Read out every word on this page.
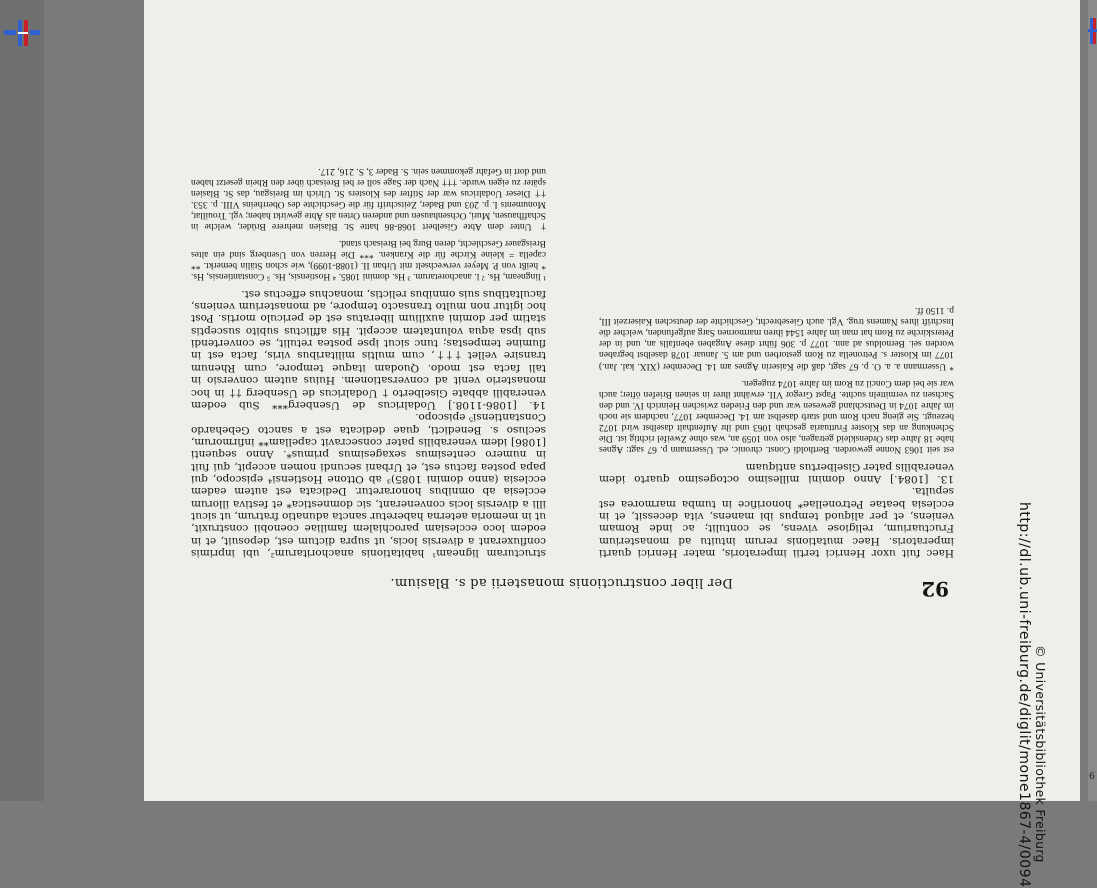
6
92
Der liber constructionis monasterii ad s. Blasium.

Haec fuit uxor Henrici tertii imperatoris, mater Henrici quarti imperatoris. Haec mutationis rerum intuitu ad monasterium Fructuarium, religiose vivens, se contulit; ac inde Romam veniens, et per aliquod tempus ibi manens, vita decessit, et in ecclesia beatae Petronellae* honorifice in tumba marmorea est sepulta.

13. [1084.] Anno domini millesimo octogesimo quarto idem venerabilis pater Giselbertus antiquam

est seit 1063 Nonne geworden. Bertholdi Const. chronic. ed. Ussermann p. 67 sagt: Agnes habe 18 Jahre das Ordenskleid getragen, also von 1059 an, was ohne Zweifel richtig ist. Die Schenkung an das Kloster Fruttuaria geschah 1063 und ihr Aufenthalt daselbst wird 1072 bezeugt. Sie gieng nach Rom und starb daselbst am 14. December 1077, nachdem sie noch im Jahre 1074 in Deutschland gewesen war und den Frieden zwischen Heinrich IV. und den Sachsen zu vermitteln suchte. Papst Gregor VII. erwähnt ihrer in seinen Briefen öfter; auch war sie bei dem Concil zu Rom im Jahre 1074 zugegen.

* Ussermann a. a. O. p. 67 sagt, daß die Kaiserin Agnes am 14. December (XIX. kal. Jan.) 1077 im Kloster s. Petronella zu Rom gestorben und am 5. Januar 1078 daselbst begraben worden sei. Bernoldus ad ann. 1077 p. 306 führt diese Angaben ebenfalls an, und in der Peterskirche zu Rom hat man im Jahre 1544 ihren marmornen Sarg aufgefunden, welcher die Inschrift ihres Namens trug. Vgl. auch Giesebrecht, Geschichte der deutschen Kaiserzeit III, p. 1150 ff.

structuram ligneam¹ habitationis anachoritarum², ubi inprimis confluxerant a diversis locis, ut supra dictum est, deposuit, et in eodem loco ecclesiam parochialem familiae coenobii construxit, ut in memoria aeterna haberetur sancta adunatio fratrum, ut sicut illi a diversis locis convenerant, sic domnestica* et festiva illorum ecclesia ab omnibus honoraretur. Dedicata est autem eadem ecclesia (anno domini 1085)³ ab Ottone Hostiensi⁴ episcopo, qui papa postea factus est, et Urbani secundi nomen accepit, qui fuit in numero centesimus sexagesimus primus*. Anno sequenti [1086] idem venerabilis pater consecravit capellam** infirmorum, secluso s. Benedicti, quae dedicata est a sancto Gebehardo Constantiensi⁵ episcopo.

14. [1086-1108.] Uodalricus de Usenberg*** Sub eodem venerabili abbate Giselberto † Uodalricus de Usenberg †† in hoc monasterio venit ad conversationem. Huius autem conversio in tali facta est modo. Quodam itaque tempore, cum Rhenum transire vellet †††, cum multis militaribus viris, facta est in flumine tempestas; tunc sicut ipse postea retulit, se convertendi sub ipsa aqua voluntatem accepit. His afflictus subito susceptis statim per domini auxilium liberatus est de periculo mortis. Post hoc igitur non multo transacto tempore, ad monasterium veniens, facultatibus suis omnibus relictis, monachus effectus est.

¹ lingneam, Hs. ² l. anachoretarum. ³ Hs. domini 1085. ⁴ Hostiensis, Hs. ⁵ Constantiensis, Hs. * heißt von P. Meyer verwechselt mit Urban II. (1088-1099), wie schon Stälin bemerkt. ** capella = kleine Kirche für die Kranken. *** Die Herren von Usenberg sind ein altes Breisgauer Geschlecht, deren Burg bei Breisach stand.

† Unter dem Abte Giselbert 1068-86 hatte St. Blasien mehrere Brüder, welche in Schaffhausen, Muri, Ochsenhausen und anderen Orten als Äbte gewirkt haben; vgl. Trouillat, Monuments I. p. 203 und Bader, Zeitschrift für die Geschichte des Oberrheins VIII. p. 353. †† Dieser Uodalricus war der Stifter des Klosters St. Ulrich im Breisgau, das St. Blasien später zu eigen wurde. ††† Nach der Sage soll er bei Breisach über den Rhein gesetzt haben und dort in Gefahr gekommen sein. S. Bader 3, S. 216, 217.

http://dl.ub.uni-freiburg.de/diglit/mone1867-4/0094 © Universitätsbibliothek Freiburg
